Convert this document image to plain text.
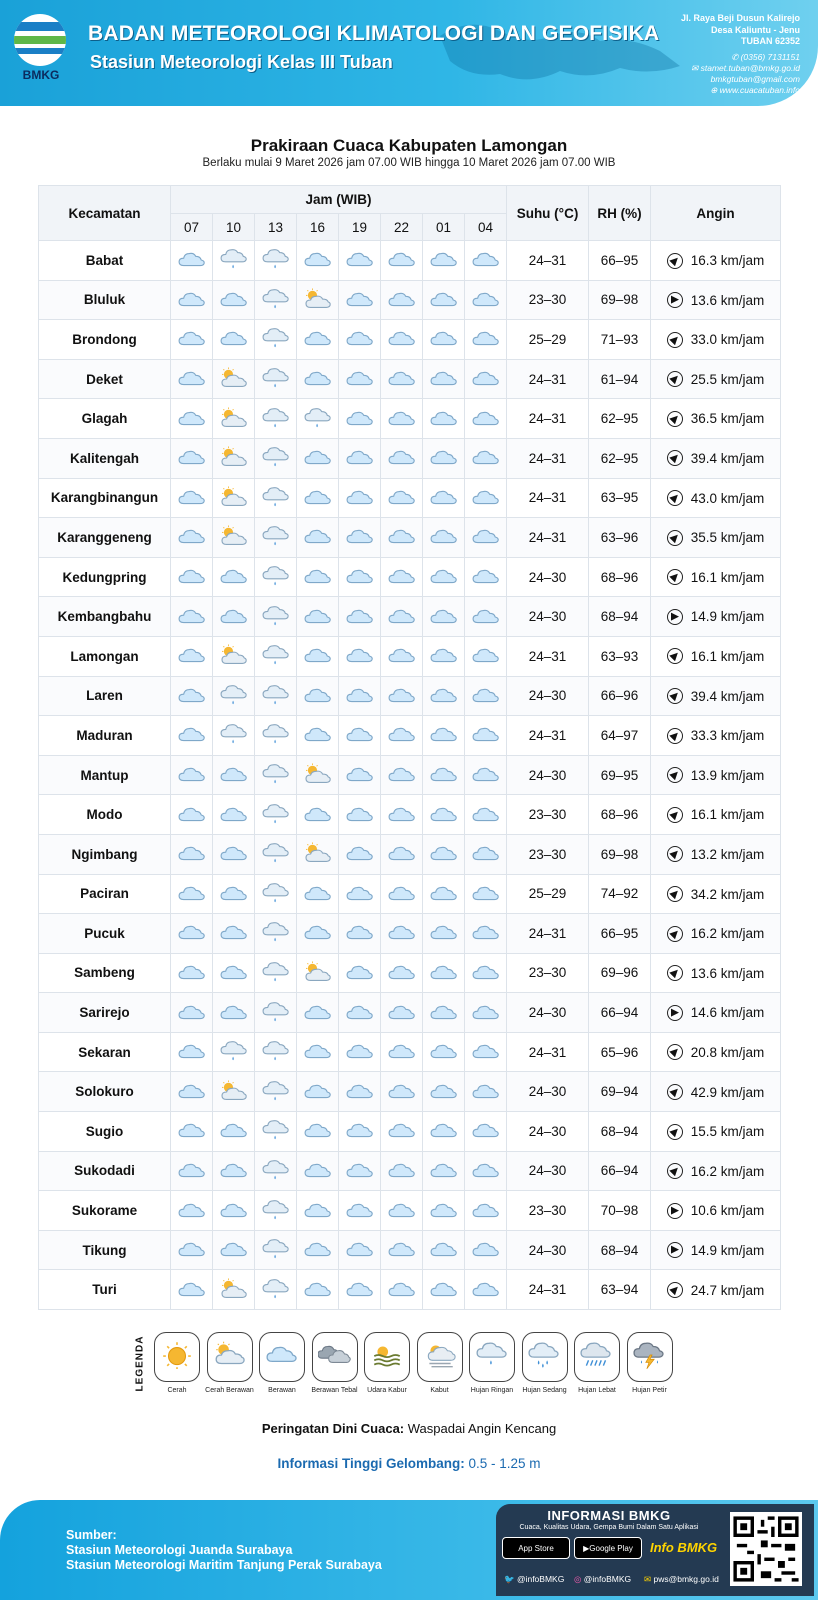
BMKG
BADAN METEOROLOGI KLIMATOLOGI DAN GEOFISIKA
Stasiun Meteorologi Kelas III Tuban
Jl. Raya Beji Dusun Kalirejo
Desa Kaliuntu - Jenu
TUBAN 62352
✆ (0356) 7131151
✉ stamet.tuban@bmkg.go.id
bmkgtuban@gmail.com
⊕ www.cuacatuban.info
Prakiraan Cuaca Kabupaten Lamongan
Berlaku mulai 9 Maret 2026 jam 07.00 WIB hingga 10 Maret 2026 jam 07.00 WIB
Kecamatan	Jam (WIB)								Suhu (°C)	RH (%)	Angin
	07	10	13	16	19	22	01	04			
Babat									24–31	66–95	16.3 km/jam
Bluluk									23–30	69–98	13.6 km/jam
Brondong									25–29	71–93	33.0 km/jam
Deket									24–31	61–94	25.5 km/jam
Glagah									24–31	62–95	36.5 km/jam
Kalitengah									24–31	62–95	39.4 km/jam
Karangbinangun									24–31	63–95	43.0 km/jam
Karanggeneng									24–31	63–96	35.5 km/jam
Kedungpring									24–30	68–96	16.1 km/jam
Kembangbahu									24–30	68–94	14.9 km/jam
Lamongan									24–31	63–93	16.1 km/jam
Laren									24–30	66–96	39.4 km/jam
Maduran									24–31	64–97	33.3 km/jam
Mantup									24–30	69–95	13.9 km/jam
Modo									23–30	68–96	16.1 km/jam
Ngimbang									23–30	69–98	13.2 km/jam
Paciran									25–29	74–92	34.2 km/jam
Pucuk									24–31	66–95	16.2 km/jam
Sambeng									23–30	69–96	13.6 km/jam
Sarirejo									24–30	66–94	14.6 km/jam
Sekaran									24–31	65–96	20.8 km/jam
Solokuro									24–30	69–94	42.9 km/jam
Sugio									24–30	68–94	15.5 km/jam
Sukodadi									24–30	66–94	16.2 km/jam
Sukorame									23–30	70–98	10.6 km/jam
Tikung									24–30	68–94	14.9 km/jam
Turi									24–31	63–94	24.7 km/jam
LEGENDA	Cerah	Cerah Berawan	Berawan	Berawan Tebal	Udara Kabur	Kabut	Hujan Ringan	Hujan Sedang	Hujan Lebat	Hujan Petir
Peringatan Dini Cuaca: Waspadai Angin Kencang
Informasi Tinggi Gelombang: 0.5 - 1.25 m
Sumber:
Stasiun Meteorologi Juanda Surabaya
Stasiun Meteorologi Maritim Tanjung Perak Surabaya
INFORMASI BMKG
Cuaca, Kualitas Udara, Gempa Bumi Dalam Satu Aplikasi
App Store	▶ Google Play Info BMKG
🐦 @infoBMKG ◎ @infoBMKG ✉ pws@bmkg.go.id
